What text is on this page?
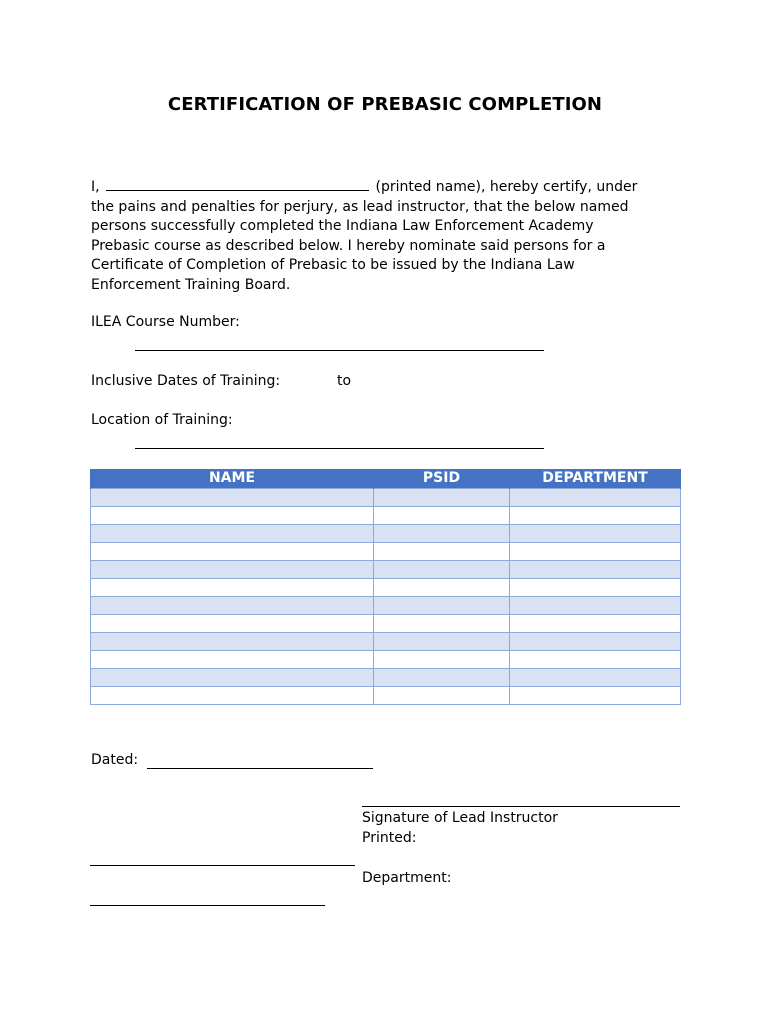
CERTIFICATION OF PREBASIC COMPLETION
I,	(printed name), hereby certify, under
the pains and penalties for perjury, as lead instructor, that the below named
persons successfully completed the Indiana Law Enforcement Academy
Prebasic course as described below. I hereby nominate said persons for a
Certificate of Completion of Prebasic to be issued by the Indiana Law
Enforcement Training Board.
ILEA Course Number:
Inclusive Dates of Training:	to
Location of Training:
NAME	PSID	DEPARTMENT

Dated:
Signature of Lead Instructor
Printed:
Department:
